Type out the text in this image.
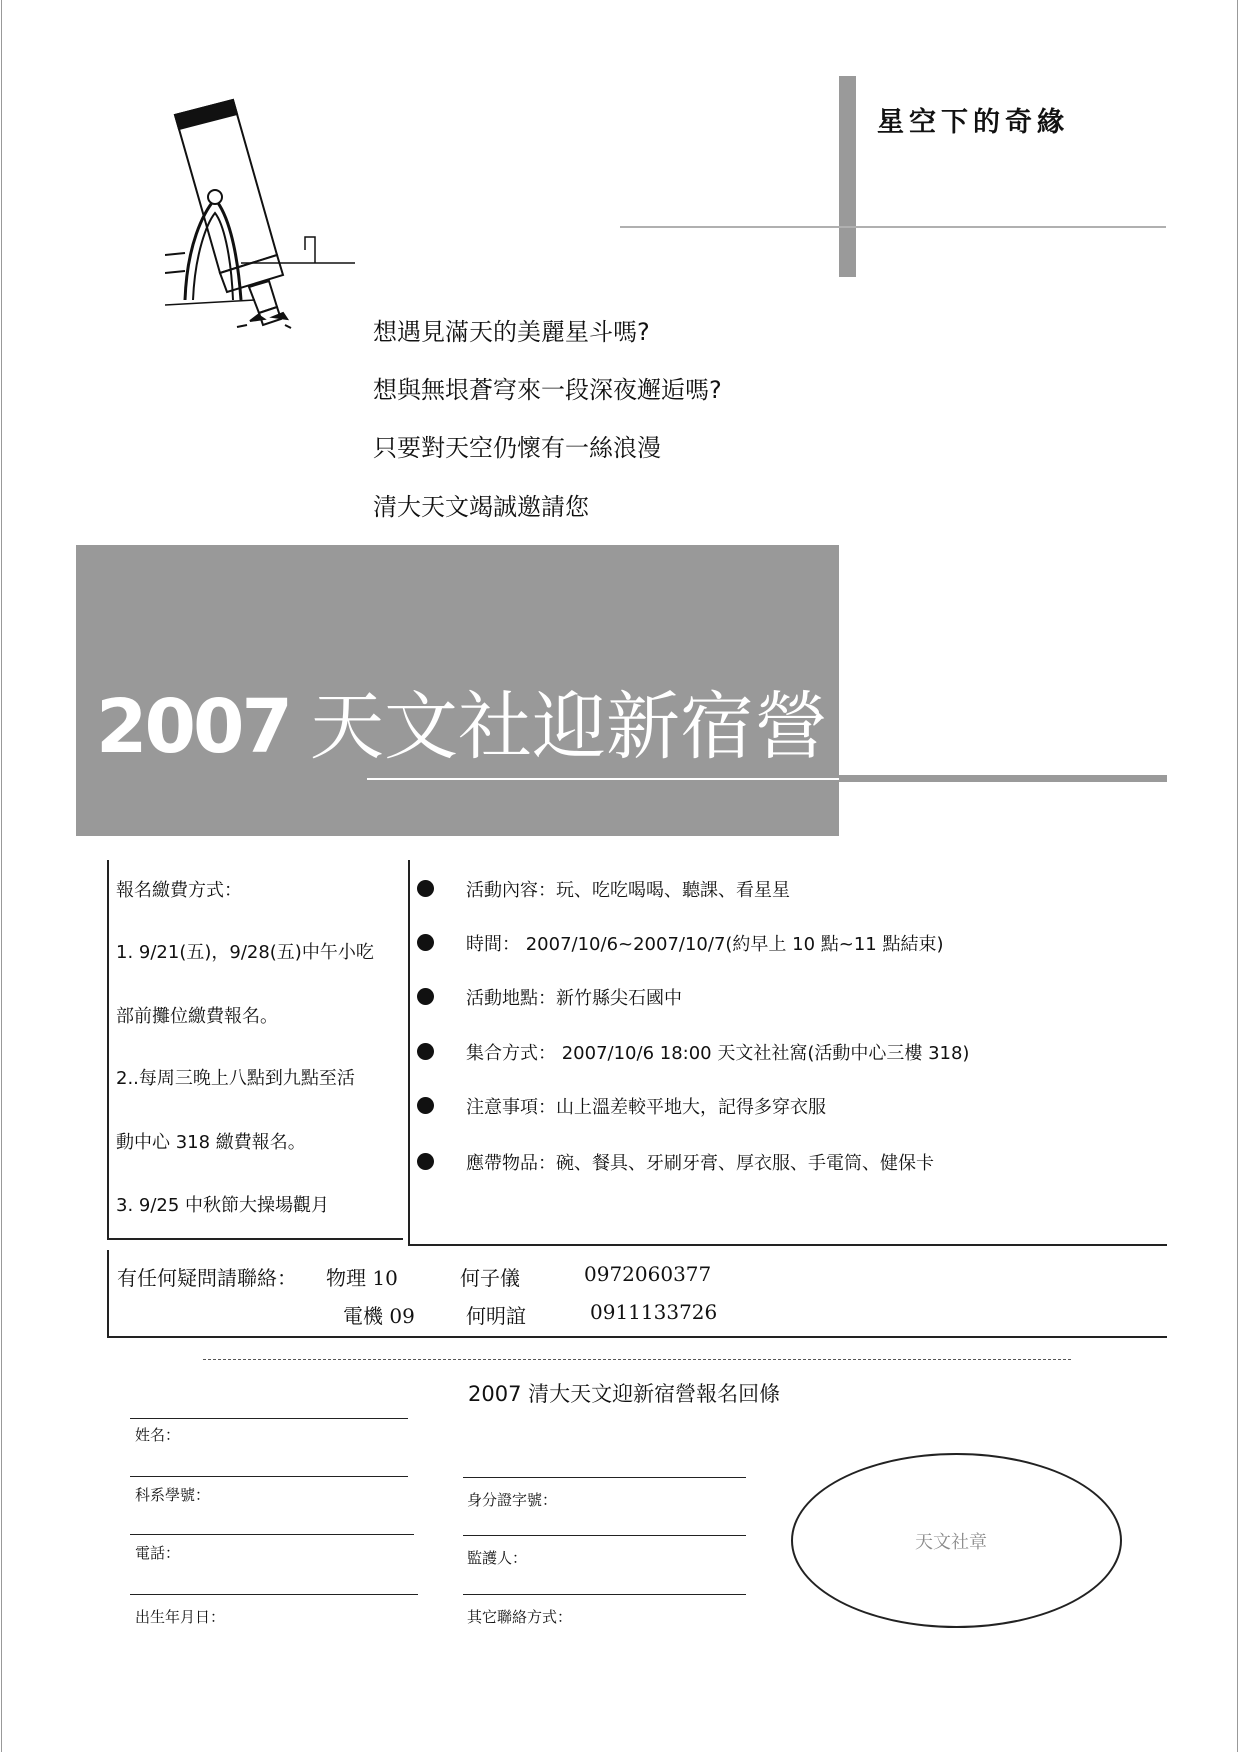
星空下的奇緣
想遇見滿天的美麗星斗嗎?
想與無垠蒼穹來一段深夜邂逅嗎?
只要對天空仍懷有一絲浪漫
清大天文竭誠邀請您
2007 天文社迎新宿營
報名繳費方式：
1. 9/21(五)，9/28(五)中午小吃
部前攤位繳費報名。
2..每周三晚上八點到九點至活
動中心 318 繳費報名。
3. 9/25 中秋節大操場觀月
活動內容：玩、吃吃喝喝、聽課、看星星
時間： 2007/10/6~2007/10/7(約早上 10 點~11 點結束)
活動地點：新竹縣尖石國中
集合方式： 2007/10/6 18:00 天文社社窩(活動中心三樓 318)
注意事項：山上溫差較平地大，記得多穿衣服
應帶物品：碗、餐具、牙刷牙膏、厚衣服、手電筒、健保卡
有任何疑問請聯絡： 物理 10	何子儀	0972060377
電機 09	何明誼	0911133726
2007 清大天文迎新宿營報名回條
姓名：
科系學號：
電話：
出生年月日：
身分證字號：
監護人：
其它聯絡方式：
天文社章
